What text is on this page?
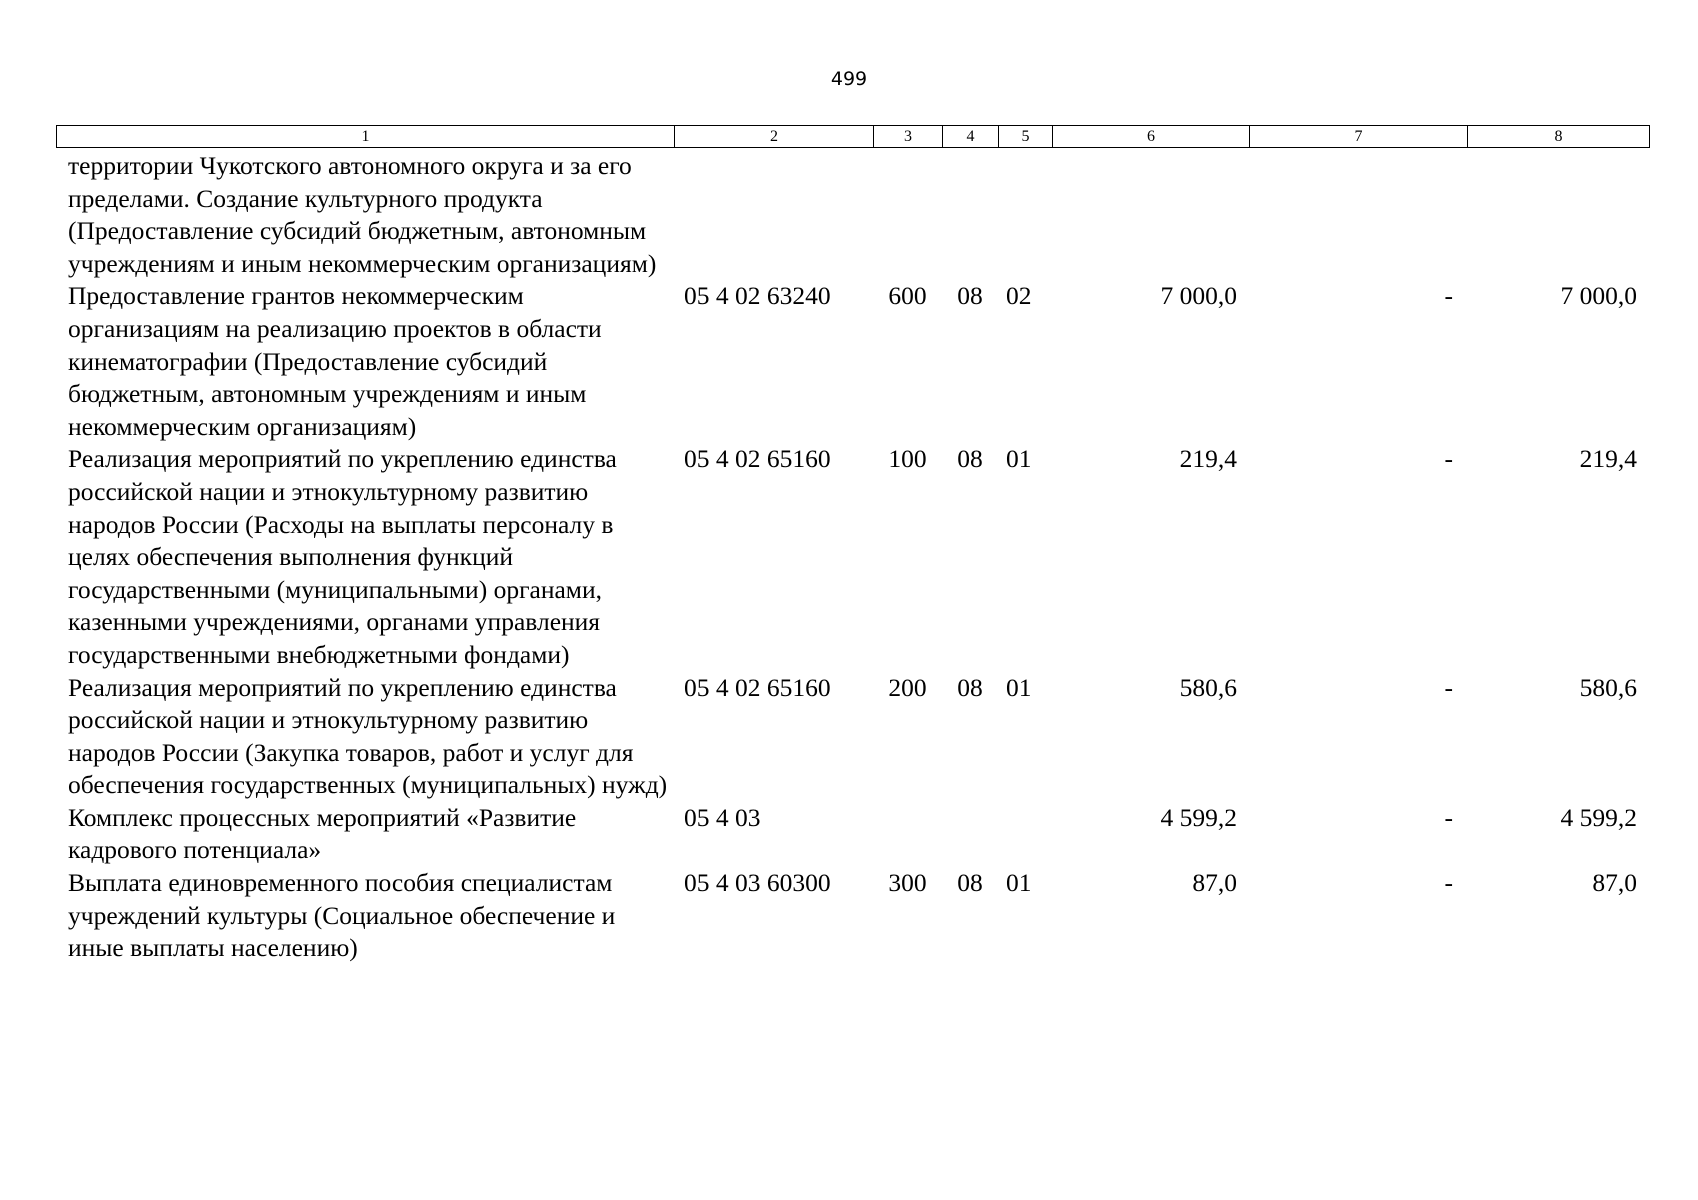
499
1	2	3	4	5	6	7	8
территории Чукотского автономного округа и за его пределами. Создание культурного продукта (Предоставление субсидий бюджетным, автономным учреждениям и иным некоммерческим организациям)							
Предоставление грантов некоммерческим организациям на реализацию проектов в области кинематографии (Предоставление субсидий бюджетным, автономным учреждениям и иным некоммерческим организациям)	05 4 02 63240	600	08	02	7 000,0	-	7 000,0
Реализация мероприятий по укреплению единства российской нации и этнокультурному развитию народов России (Расходы на выплаты персоналу в целях обеспечения выполнения функций государственными (муниципальными) органами, казенными учреждениями, органами управления государственными внебюджетными фондами)	05 4 02 65160	100	08	01	219,4	-	219,4
Реализация мероприятий по укреплению единства российской нации и этнокультурному развитию народов России (Закупка товаров, работ и услуг для обеспечения государственных (муниципальных) нужд)	05 4 02 65160	200	08	01	580,6	-	580,6
Комплекс процессных мероприятий «Развитие кадрового потенциала»	05 4 03				4 599,2	-	4 599,2
Выплата единовременного пособия специалистам учреждений культуры (Социальное обеспечение и иные выплаты населению)	05 4 03 60300	300	08	01	87,0	-	87,0
